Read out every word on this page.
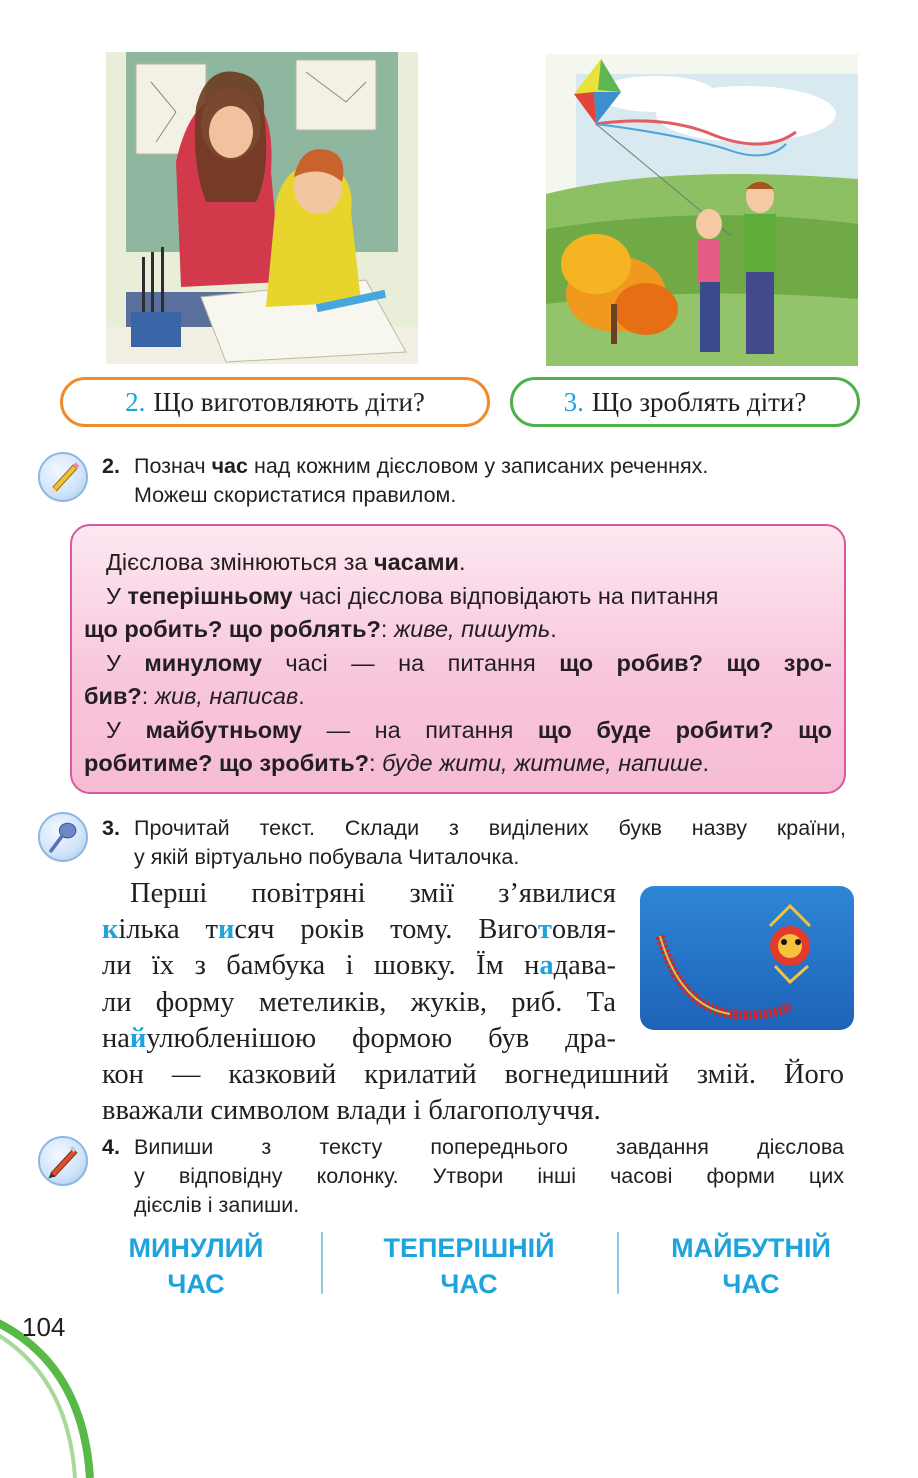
2. Що виготовляють діти?	3. Що зроблять діти?
2. Познач час над кожним дієсловом у записаних реченнях.
Можеш скористатися правилом.
Дієслова змінюються за часами.
У теперішньому часі дієслова відповідають на питання
що робить? що роблять?: живе, пишуть.
У минулому часі — на питання що робив? що зро-
бив?: жив, написав.
У майбутньому — на питання що буде робити? що
робитиме? що зробить?: буде жити, житиме, напише.
3. Прочитай текст. Склади з виділених букв назву країни,
у якій віртуально побувала Читалочка.
Перші повітряні змії з’явилися
кілька тисяч років тому. Виготовля-
ли їх з бамбука і шовку. Їм надава-
ли форму метеликів, жуків, риб. Та
найулюбленішою формою був дра-
кон — казковий крилатий вогнедишний змій. Його
вважали символом влади і благополуччя.
4. Випиши з тексту попереднього завдання дієслова
у відповідну колонку. Утвори інші часові форми цих
дієслів і запиши.
МИНУЛИЙ
ЧАС
ТЕПЕРІШНІЙ
ЧАС
МАЙБУТНІЙ
ЧАС
104
